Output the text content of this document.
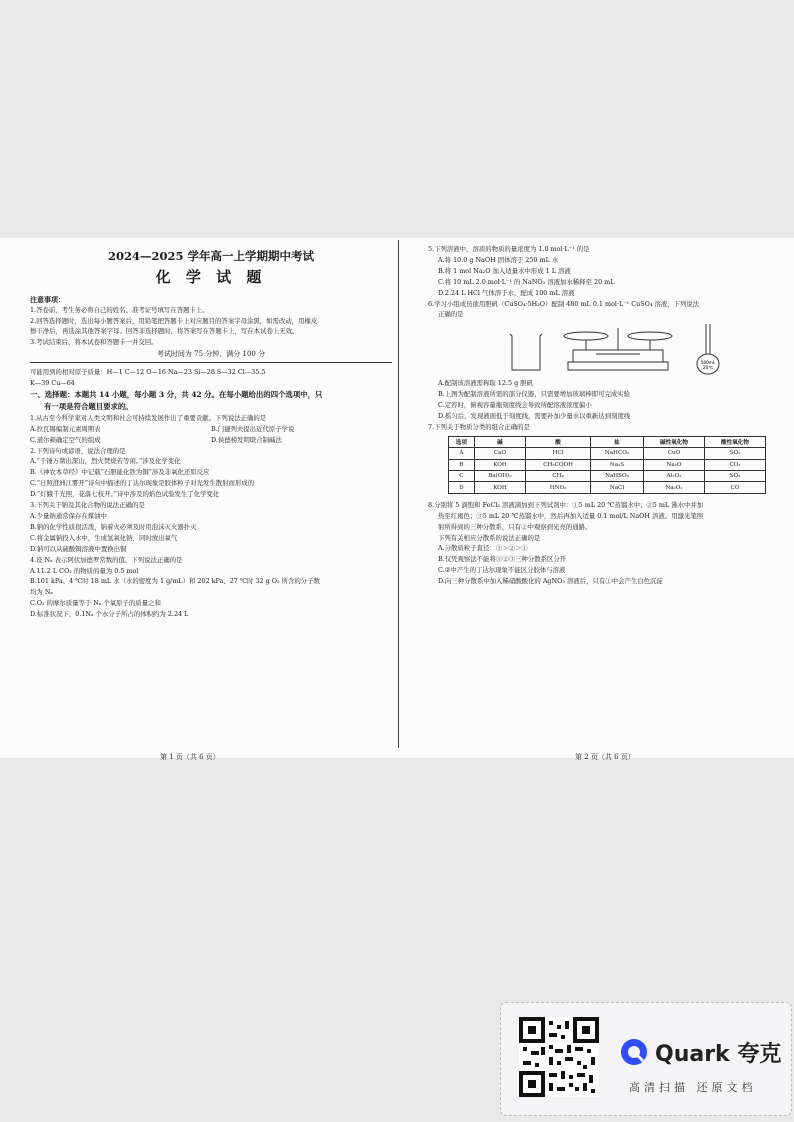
2024—2025 学年高一上学期期中考试
化 学 试 题
注意事项：
1.答卷前，考生务必将自己的姓名、准考证号填写在答题卡上。
2.回答选择题时，选出每小题答案后，用铅笔把答题卡上对应题目的答案字母涂黑，如需改动，用橡皮
擦干净后，再选涂其他答案字母。回答非选择题时，将答案写在答题卡上，写在本试卷上无效。
3.考试结束后，将本试卷和答题卡一并交回。
考试时间为 75 分钟，满分 100 分
可能用到的相对原子质量：H—1 C—12 O—16 Na—23 Si—28 S—32 Cl—35.5
K—39 Cu—64
一、选择题：本题共 14 小题，每小题 3 分，共 42 分。在每小题给出的四个选项中，只
有一项是符合题目要求的。
1.从古至今科学家对人类文明和社会可持续发展作出了重要贡献。下列说法正确的是
A.拉瓦锡编制元素周期表	B.门捷列夫提出近代原子学说
C.道尔顿确定空气的组成	D.侯德榜发明联合制碱法
2.下列诗句或谚语，说法合理的是
A.“千锤万凿出深山，烈火焚烧若等闲。”涉及化学变化
B.《神农本草经》中记载“石胆能化铁为铜”涉及非氧化还原反应
C.“日照澄洲江雾开”诗句中描述的丁达尔现象是胶体粒子对光发生散射而形成的
D.“灯蛾千光照，花落七枝开。”诗中涉及的焰色试验发生了化学变化
3.下列关于钠及其化合物的说法正确的是
A.少量钠通常保存在煤油中
B.钠的化学性质很活泼，钠着火必须及时用泡沫灭火器扑灭
C.将金属钠投入水中，生成氢氧化钠，同时放出氧气
D.钠可以从硫酸铜溶液中置换出铜
4.设 Nₐ 表示阿伏加德罗常数的值。下列说法正确的是
A.11.2 L CO₂ 的物质的量为 0.5 mol
B.101 kPa、4 ℃时 18 mL 水（水的密度为 1 g/mL）和 202 kPa、27 ℃时 32 g O₂ 所含的分子数
均为 Nₐ
C.O₂ 的摩尔质量等于 Nₐ 个氧原子的质量之和
D.标准状况下，0.1Nₐ 个水分子所占的体积约为 2.24 L
5.下列溶液中，溶质的物质的量浓度为 1.0 mol·L⁻¹ 的是
A.将 10.0 g NaOH 固体溶于 250 mL 水
B.将 1 mol Na₂O 加入适量水中形成 1 L 溶液
C.将 10 mL 2.0 mol·L⁻¹ 的 NaNO₃ 溶液加水稀释至 20 mL
D.2.24 L HCl 气体溶于水，配成 100 mL 溶液
6.学习小组成员欲用胆矾（CuSO₄·5H₂O）配制 480 mL 0.1 mol·L⁻¹ CuSO₄ 溶液，下列说法
正确的是
500mL
20℃
A.配制该溶液需称取 12.5 g 胆矾
B.上图为配制溶液所需的部分仪器，只需要增加玻璃棒即可完成实验
C.定容时，俯视容量瓶刻度线会导致所配溶液浓度偏小
D.摇匀后，发现液面低于刻度线，需要补加少量水以重新达到刻度线
7.下列关于物质分类的组合正确的是
选项	碱	酸	盐	碱性氧化物	酸性氧化物
A	CaO	HCl	NaHCO₃	CuO	SO₂
B	KOH	CH₃COOH	Na₂S	Na₂O	CO₂
C	Ba(OH)₂	CH₄	NaHSO₄	Al₂O₃	SO₃
D	KOH	HNO₃	NaCl	Na₂O₂	CO
8.分别将 5 滴饱和 FeCl₃ 溶液滴加到下列试剂中：①5 mL 20 ℃蒸馏水中；②5 mL 沸水中并加
热至红褐色；③5 mL 20 ℃蒸馏水中，然后再加入适量 0.1 mol/L NaOH 溶液。用激光笔照
射所得到的三种分散系，只有②中观察到光亮的通路。
下列有关相应分散系的说法正确的是
A.分散质粒子直径：③＞②＞①
B.仅凭观察法不能将①②③三种分散系区分开
C.②中产生的丁达尔现象不能区分胶体与溶液
D.向三种分散系中加入稀硝酸酸化的 AgNO₃ 溶液后，只有①中会产生白色沉淀
第 1 页（共 6 页）	第 2 页（共 6 页）
Quark 夸克
高清扫描 还原文档
